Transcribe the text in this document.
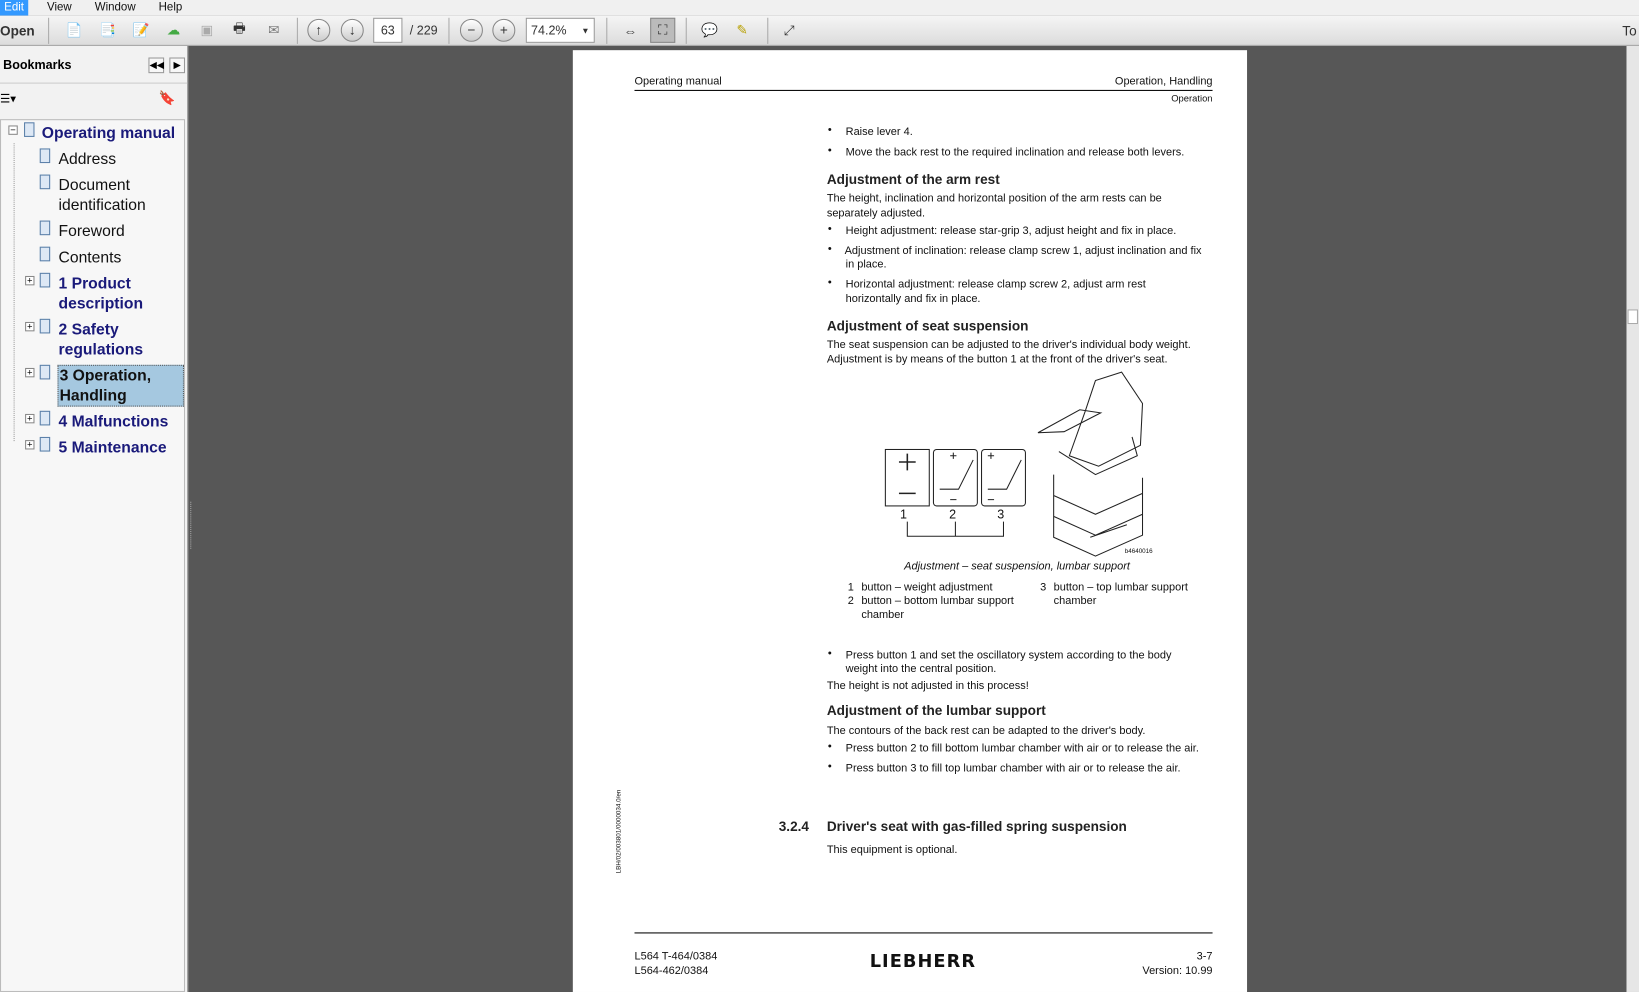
Edit	View	Window	Help
Open 📄 📑 📝	☁	▣	🖶	✉	↑	↓	63	/ 229	−	+	74.2% ▼	⇔	⛶	💬	✎	⤢	To
Bookmarks	◀◀	▶
☰▾	🔖
− Operating manual
Address
Document identification
Foreword
Contents
+ 1 Product description
+ 2 Safety regulations
+ 3 Operation, Handling
+ 4 Malfunctions
+ 5 Maintenance
Operating manual	Operation, Handling
Operation
• Raise lever 4.
• Move the back rest to the required inclination and release both levers.
Adjustment of the arm rest
The height, inclination and horizontal position of the arm rests can be
separately adjusted.
• Height adjustment: release star-grip 3, adjust height and fix in place.
• Adjustment of inclination: release clamp screw 1, adjust inclination and fix
in place.
• Horizontal adjustment: release clamp screw 2, adjust arm rest
horizontally and fix in place.
Adjustment of seat suspension
The seat suspension can be adjusted to the driver's individual body weight.
Adjustment is by means of the button 1 at the front of the driver's seat.
1	2	3
b4640016
Adjustment – seat suspension, lumbar support
1 button – weight adjustment
2 button – bottom lumbar support
chamber
3 button – top lumbar support
chamber
• Press button 1 and set the oscillatory system according to the body
weight into the central position.
The height is not adjusted in this process!
Adjustment of the lumbar support
The contours of the back rest can be adapted to the driver's body.
• Press button 2 to fill bottom lumbar chamber with air or to release the air.
• Press button 3 to fill top lumbar chamber with air or to release the air.
3.2.4 Driver's seat with gas-filled spring suspension
This equipment is optional.
LBH/02/003801/0000034.0/en
L564 T-464/0384
L564-462/0384	LIEBHERR	3-7
Version: 10.99
